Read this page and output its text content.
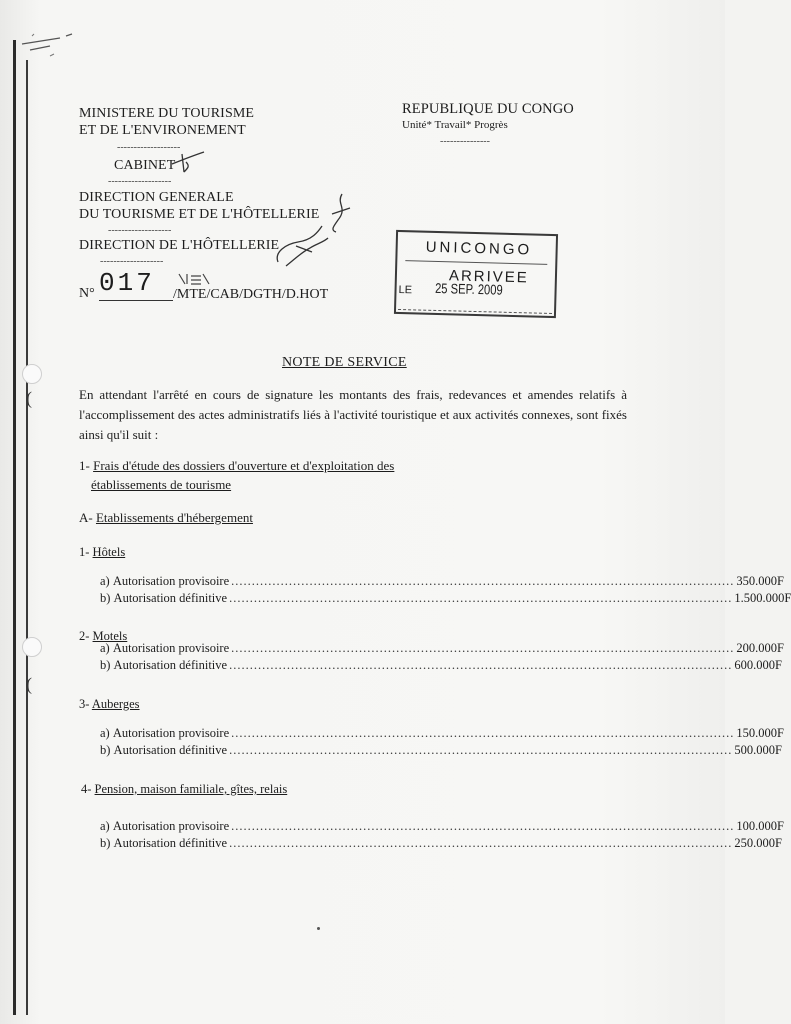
(
(
MINISTERE DU TOURISME
ET DE L'ENVIRONEMENT
-------------------
CABINET
-------------------
DIRECTION GENERALE
DU TOURISME ET DE L'HÔTELLERIE
-------------------
DIRECTION DE L'HÔTELLERIE
-------------------
N° 017 /MTE/CAB/DGTH/D.HOT
REPUBLIQUE DU CONGO
Unité* Travail* Progrès
---------------
UNICONGO
ARRIVEE
LE 25 SEP. 2009
NOTE DE SERVICE
En attendant l'arrêté en cours de signature les montants des frais, redevances et amendes relatifs à l'accomplissement des actes administratifs liés à l'activité touristique et aux activités connexes, sont fixés ainsi qu'il suit :
1- Frais d'étude des dossiers d'ouverture et d'exploitation des
établissements de tourisme
A- Etablissements d'hébergement
1- Hôtels
a)
Autorisation provisoire .......................................................................................................................... 350.000F
b)
Autorisation définitive .......................................................................................................................... 1.500.000F
2- Motels
a)
Autorisation provisoire .......................................................................................................................... 200.000F
b)
Autorisation définitive .......................................................................................................................... 600.000F
3- Auberges
a)
Autorisation provisoire .......................................................................................................................... 150.000F
b)
Autorisation définitive .......................................................................................................................... 500.000F
4- Pension, maison familiale, gîtes, relais
a)
Autorisation provisoire .......................................................................................................................... 100.000F
b)
Autorisation définitive .......................................................................................................................... 250.000F
